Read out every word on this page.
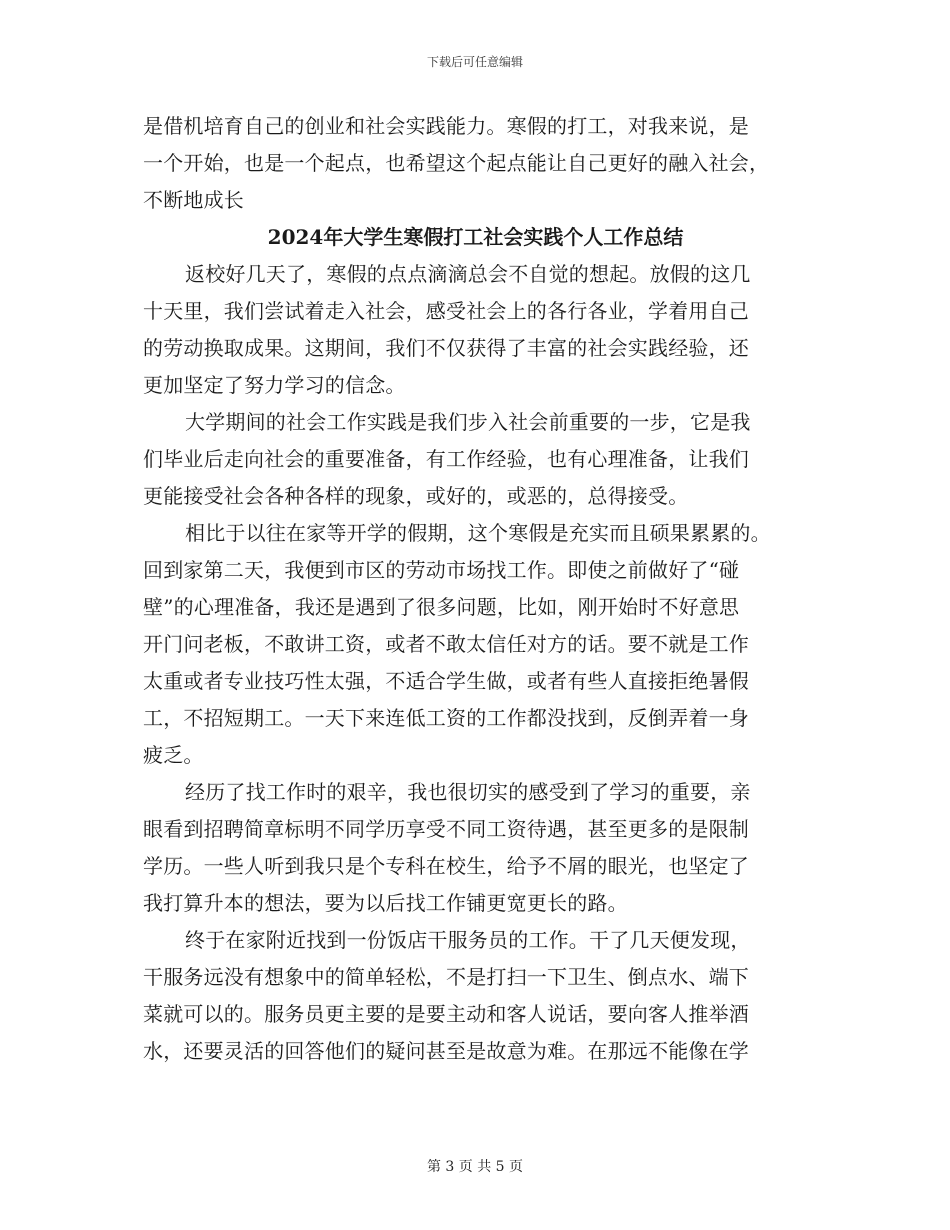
下载后可任意编辑
是借机培育自己的创业和社会实践能力。寒假的打工，对我来说，是
一个开始，也是一个起点，也希望这个起点能让自己更好的融入社会，
不断地成长
2024年大学生寒假打工社会实践个人工作总结
返校好几天了，寒假的点点滴滴总会不自觉的想起。放假的这几
十天里，我们尝试着走入社会，感受社会上的各行各业，学着用自己
的劳动换取成果。这期间，我们不仅获得了丰富的社会实践经验，还
更加坚定了努力学习的信念。
大学期间的社会工作实践是我们步入社会前重要的一步，它是我
们毕业后走向社会的重要准备，有工作经验，也有心理准备，让我们
更能接受社会各种各样的现象，或好的，或恶的，总得接受。
相比于以往在家等开学的假期，这个寒假是充实而且硕果累累的。
回到家第二天，我便到市区的劳动市场找工作。即使之前做好了“碰
壁”的心理准备，我还是遇到了很多问题，比如，刚开始时不好意思
开门问老板，不敢讲工资，或者不敢太信任对方的话。要不就是工作
太重或者专业技巧性太强，不适合学生做，或者有些人直接拒绝暑假
工，不招短期工。一天下来连低工资的工作都没找到，反倒弄着一身
疲乏。
经历了找工作时的艰辛，我也很切实的感受到了学习的重要，亲
眼看到招聘简章标明不同学历享受不同工资待遇，甚至更多的是限制
学历。一些人听到我只是个专科在校生，给予不屑的眼光，也坚定了
我打算升本的想法，要为以后找工作铺更宽更长的路。
终于在家附近找到一份饭店干服务员的工作。干了几天便发现，
干服务远没有想象中的简单轻松，不是打扫一下卫生、倒点水、端下
菜就可以的。服务员更主要的是要主动和客人说话，要向客人推举酒
水，还要灵活的回答他们的疑问甚至是故意为难。在那远不能像在学
第 3 页 共 5 页
